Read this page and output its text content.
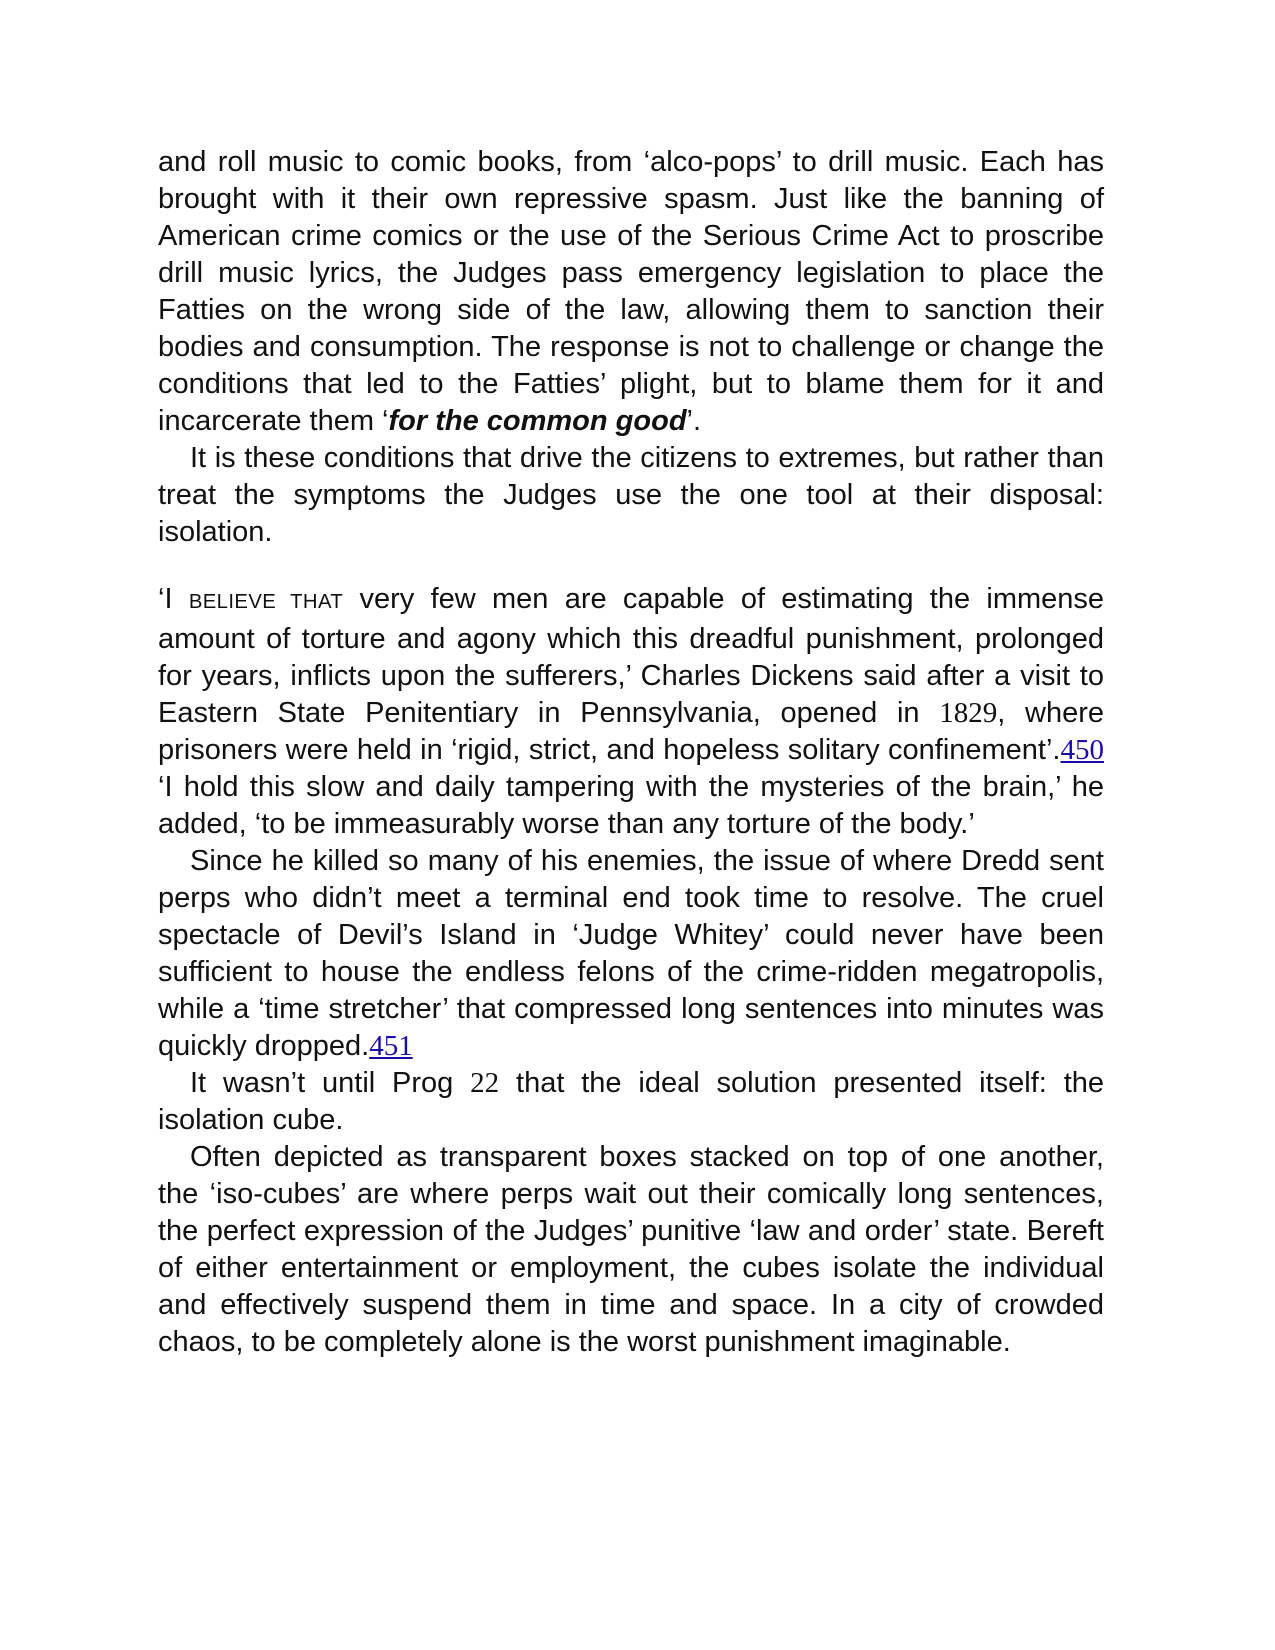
and roll music to comic books, from ‘alco-pops’ to drill music. Each has brought with it their own repressive spasm. Just like the banning of American crime comics or the use of the Serious Crime Act to proscribe drill music lyrics, the Judges pass emergency legislation to place the Fatties on the wrong side of the law, allowing them to sanction their bodies and consumption. The response is not to challenge or change the conditions that led to the Fatties’ plight, but to blame them for it and incarcerate them ‘for the common good’.

It is these conditions that drive the citizens to extremes, but rather than treat the symptoms the Judges use the one tool at their disposal: isolation.

‘I BELIEVE THAT very few men are capable of estimating the immense amount of torture and agony which this dreadful punishment, prolonged for years, inflicts upon the sufferers,’ Charles Dickens said after a visit to Eastern State Penitentiary in Pennsylvania, opened in 1829, where prisoners were held in ‘rigid, strict, and hopeless solitary confinement’.450 ‘I hold this slow and daily tampering with the mysteries of the brain,’ he added, ‘to be immeasurably worse than any torture of the body.’

Since he killed so many of his enemies, the issue of where Dredd sent perps who didn’t meet a terminal end took time to resolve. The cruel spectacle of Devil’s Island in ‘Judge Whitey’ could never have been sufficient to house the endless felons of the crime-ridden megatropolis, while a ‘time stretcher’ that compressed long sentences into minutes was quickly dropped.451

It wasn’t until Prog 22 that the ideal solution presented itself: the isolation cube.

Often depicted as transparent boxes stacked on top of one another, the ‘iso-cubes’ are where perps wait out their comically long sentences, the perfect expression of the Judges’ punitive ‘law and order’ state. Bereft of either entertainment or employment, the cubes isolate the individual and effectively suspend them in time and space. In a city of crowded chaos, to be completely alone is the worst punishment imaginable.
